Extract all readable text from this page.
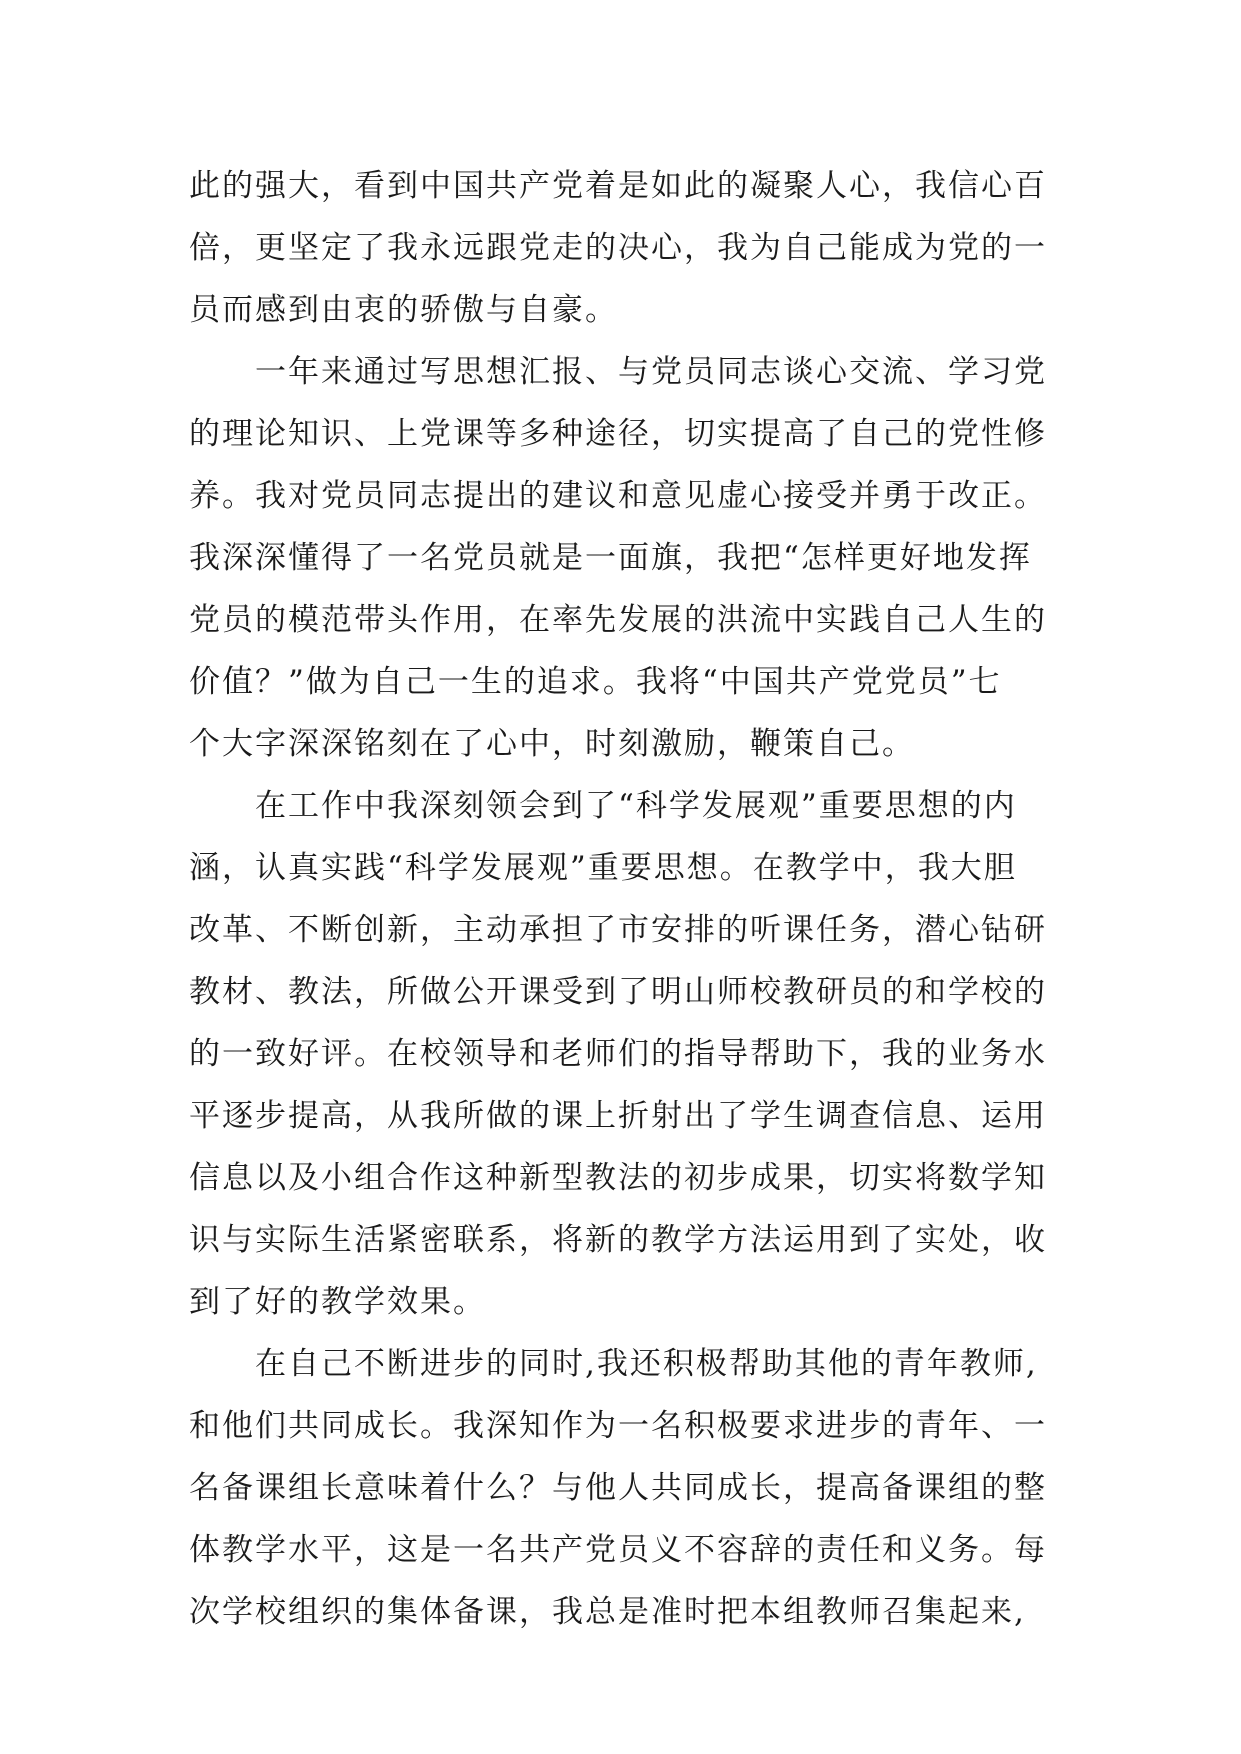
此的强大，看到中国共产党着是如此的凝聚人心，我信心百
倍，更坚定了我永远跟党走的决心，我为自己能成为党的一
员而感到由衷的骄傲与自豪。
一年来通过写思想汇报、与党员同志谈心交流、学习党
的理论知识、上党课等多种途径，切实提高了自己的党性修
养。我对党员同志提出的建议和意见虚心接受并勇于改正。
我深深懂得了一名党员就是一面旗，我把“怎样更好地发挥
党员的模范带头作用，在率先发展的洪流中实践自己人生的
价值？”做为自己一生的追求。我将“中国共产党党员”七
个大字深深铭刻在了心中，时刻激励，鞭策自己。
在工作中我深刻领会到了“科学发展观”重要思想的内
涵，认真实践“科学发展观”重要思想。在教学中，我大胆
改革、不断创新，主动承担了市安排的听课任务，潜心钻研
教材、教法，所做公开课受到了明山师校教研员的和学校的
的一致好评。在校领导和老师们的指导帮助下，我的业务水
平逐步提高，从我所做的课上折射出了学生调查信息、运用
信息以及小组合作这种新型教法的初步成果，切实将数学知
识与实际生活紧密联系，将新的教学方法运用到了实处，收
到了好的教学效果。
在自己不断进步的同时,我还积极帮助其他的青年教师,
和他们共同成长。我深知作为一名积极要求进步的青年、一
名备课组长意味着什么？与他人共同成长，提高备课组的整
体教学水平，这是一名共产党员义不容辞的责任和义务。每
次学校组织的集体备课，我总是准时把本组教师召集起来,
